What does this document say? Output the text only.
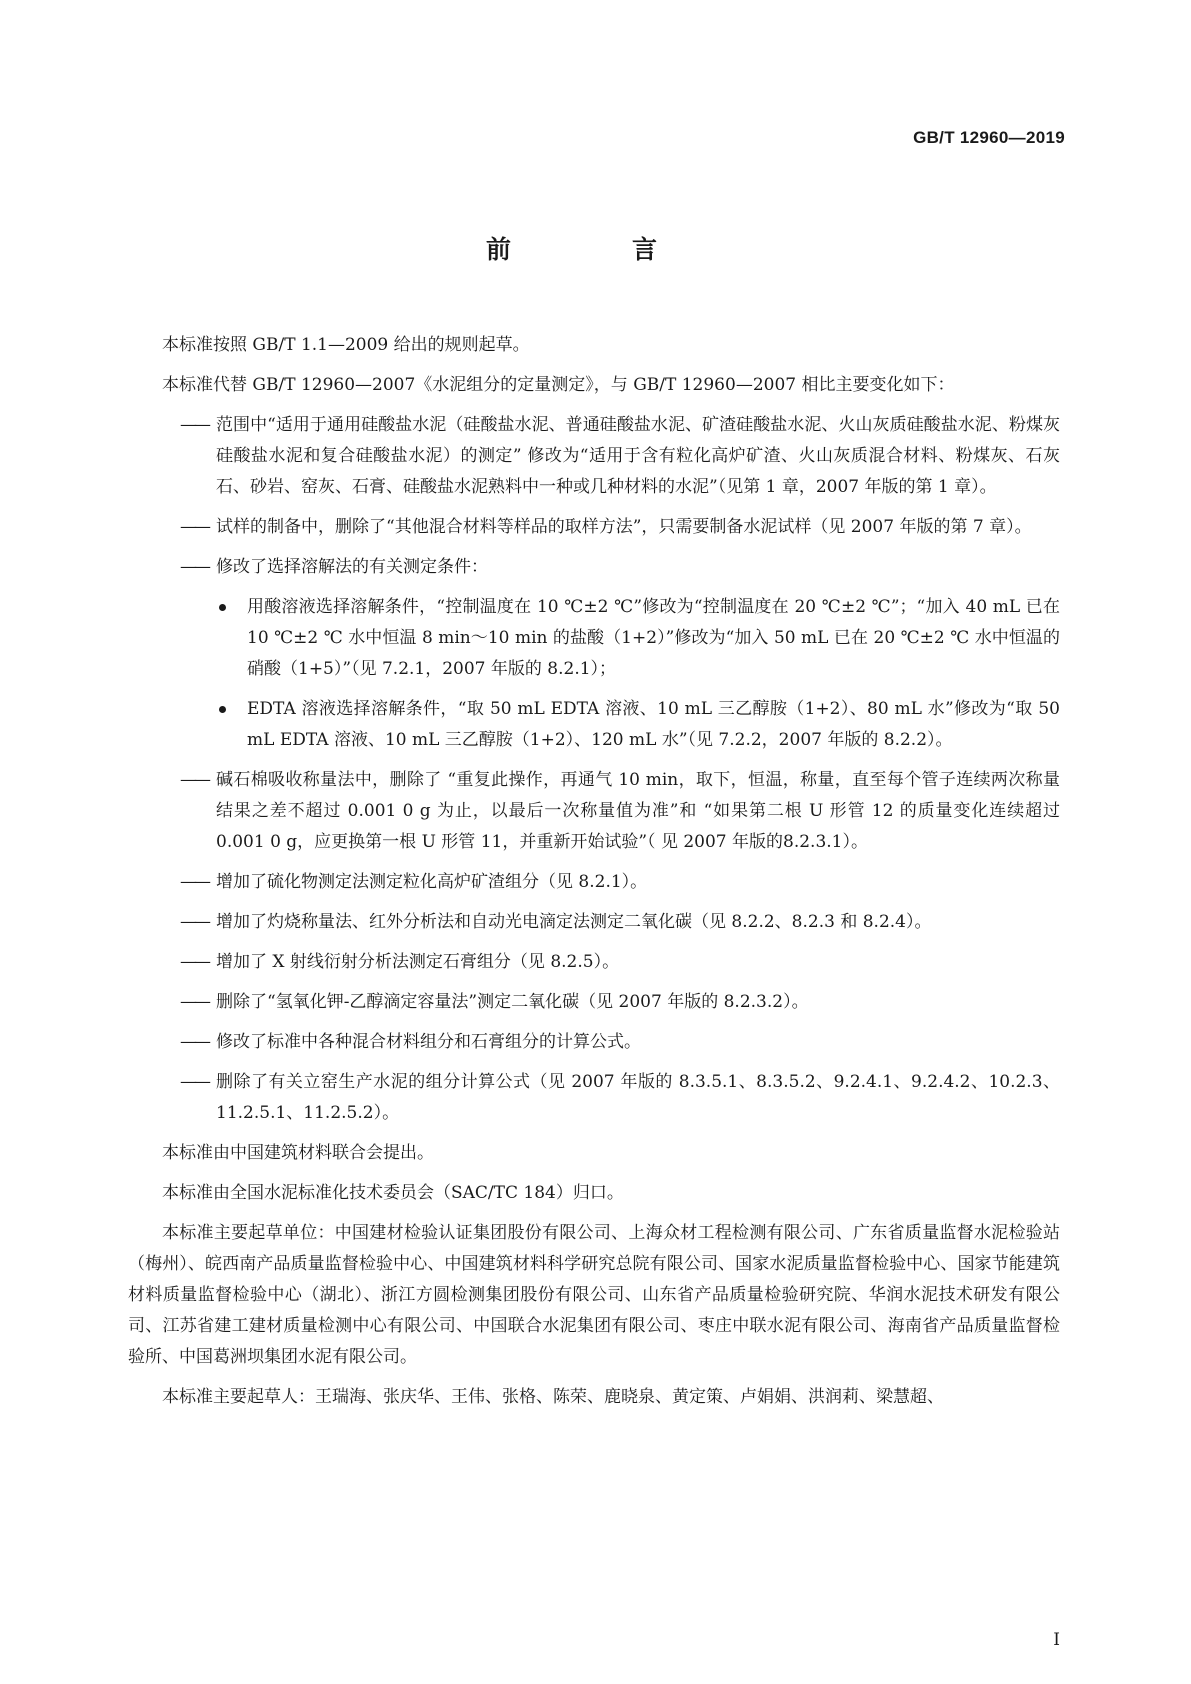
GB/T 12960—2019
前　言

本标准按照 GB/T 1.1—2009 给出的规则起草。

本标准代替 GB/T 12960—2007《水泥组分的定量测定》，与 GB/T 12960—2007 相比主要变化如下：

—— 范围中“适用于通用硅酸盐水泥（硅酸盐水泥、普通硅酸盐水泥、矿渣硅酸盐水泥、火山灰质硅酸盐水泥、粉煤灰硅酸盐水泥和复合硅酸盐水泥）的测定” 修改为“适用于含有粒化高炉矿渣、火山灰质混合材料、粉煤灰、石灰石、砂岩、窑灰、石膏、硅酸盐水泥熟料中一种或几种材料的水泥”（见第 1 章，2007 年版的第 1 章）。

—— 试样的制备中，删除了“其他混合材料等样品的取样方法”，只需要制备水泥试样（见 2007 年版的第 7 章）。

—— 修改了选择溶解法的有关测定条件：

用酸溶液选择溶解条件，“控制温度在 10 ℃±2 ℃”修改为“控制温度在 20 ℃±2 ℃”；“加入 40 mL 已在 10 ℃±2 ℃ 水中恒温 8 min～10 min 的盐酸（1+2）”修改为“加入 50 mL 已在 20 ℃±2 ℃ 水中恒温的硝酸（1+5）”（见 7.2.1，2007 年版的 8.2.1）；

EDTA 溶液选择溶解条件，“取 50 mL EDTA 溶液、10 mL 三乙醇胺（1+2）、80 mL 水”修改为“取 50 mL EDTA 溶液、10 mL 三乙醇胺（1+2）、120 mL 水”（见 7.2.2，2007 年版的 8.2.2）。

—— 碱石棉吸收称量法中，删除了 “重复此操作，再通气 10 min，取下，恒温，称量，直至每个管子连续两次称量结果之差不超过 0.001 0 g 为止，以最后一次称量值为准”和 “如果第二根 U 形管 12 的质量变化连续超过 0.001 0 g，应更换第一根 U 形管 11，并重新开始试验”（ 见 2007 年版的8.2.3.1）。

—— 增加了硫化物测定法测定粒化高炉矿渣组分（见 8.2.1）。

—— 增加了灼烧称量法、红外分析法和自动光电滴定法测定二氧化碳（见 8.2.2、8.2.3 和 8.2.4）。

—— 增加了 X 射线衍射分析法测定石膏组分（见 8.2.5）。

—— 删除了“氢氧化钾-乙醇滴定容量法”测定二氧化碳（见 2007 年版的 8.2.3.2）。

—— 修改了标准中各种混合材料组分和石膏组分的计算公式。

—— 删除了有关立窑生产水泥的组分计算公式（见 2007 年版的 8.3.5.1、8.3.5.2、9.2.4.1、9.2.4.2、10.2.3、11.2.5.1、11.2.5.2）。

本标准由中国建筑材料联合会提出。

本标准由全国水泥标准化技术委员会（SAC/TC 184）归口。

本标准主要起草单位：中国建材检验认证集团股份有限公司、上海众材工程检测有限公司、广东省质量监督水泥检验站（梅州）、皖西南产品质量监督检验中心、中国建筑材料科学研究总院有限公司、国家水泥质量监督检验中心、国家节能建筑材料质量监督检验中心（湖北）、浙江方圆检测集团股份有限公司、山东省产品质量检验研究院、华润水泥技术研发有限公司、江苏省建工建材质量检测中心有限公司、中国联合水泥集团有限公司、枣庄中联水泥有限公司、海南省产品质量监督检验所、中国葛洲坝集团水泥有限公司。

本标准主要起草人：王瑞海、张庆华、王伟、张格、陈荣、鹿晓泉、黄定策、卢娟娟、洪润莉、梁慧超、

I
